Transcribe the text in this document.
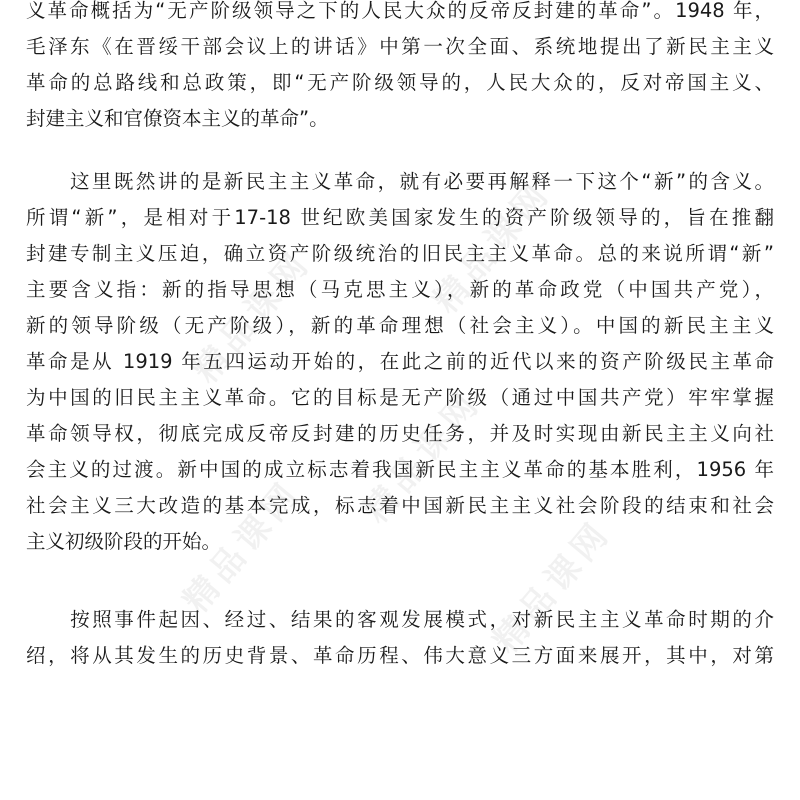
精品课网	精品课网
精品课网
精品课网
精品课网
义革命概括为“无产阶级领导之下的人民大众的反帝反封建的革命”。1948 年，
毛泽东《在晋绥干部会议上的讲话》中第一次全面、系统地提出了新民主主义
革命的总路线和总政策，即“无产阶级领导的，人民大众的，反对帝国主义、
封建主义和官僚资本主义的革命”。
　　这里既然讲的是新民主主义革命，就有必要再解释一下这个“新”的含义。
所谓“新”，是相对于17-18 世纪欧美国家发生的资产阶级领导的，旨在推翻
封建专制主义压迫，确立资产阶级统治的旧民主主义革命。总的来说所谓“新”
主要含义指：新的指导思想（马克思主义），新的革命政党（中国共产党），
新的领导阶级（无产阶级），新的革命理想（社会主义）。中国的新民主主义
革命是从 1919 年五四运动开始的，在此之前的近代以来的资产阶级民主革命
为中国的旧民主主义革命。它的目标是无产阶级（通过中国共产党）牢牢掌握
革命领导权，彻底完成反帝反封建的历史任务，并及时实现由新民主主义向社
会主义的过渡。新中国的成立标志着我国新民主主义革命的基本胜利，1956 年
社会主义三大改造的基本完成，标志着中国新民主主义社会阶段的结束和社会
主义初级阶段的开始。
　　按照事件起因、经过、结果的客观发展模式，对新民主主义革命时期的介
绍，将从其发生的历史背景、革命历程、伟大意义三方面来展开，其中，对第
